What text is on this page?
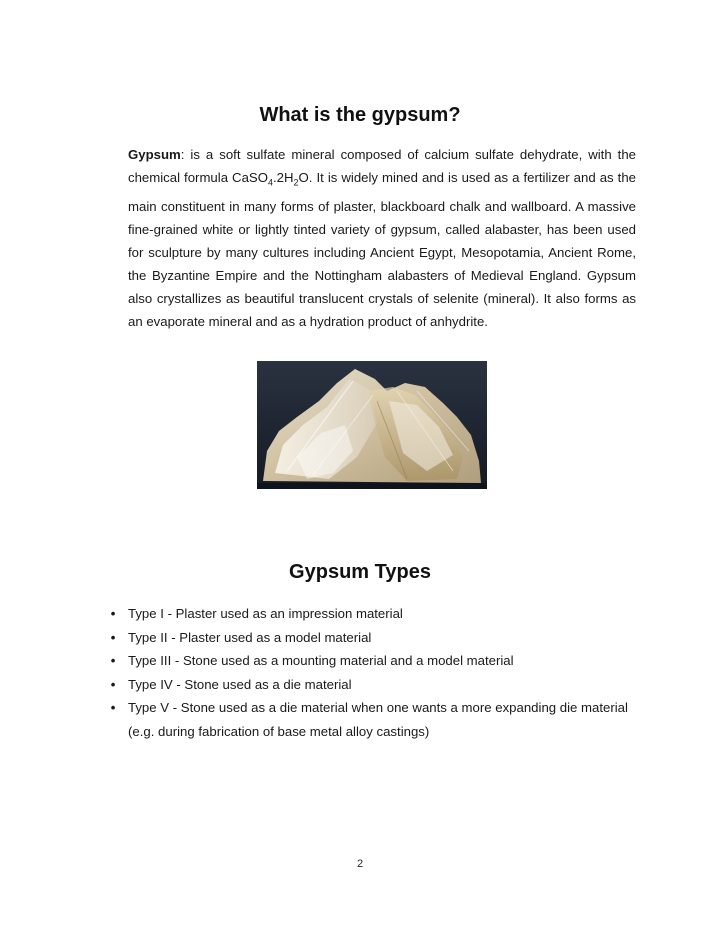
What is the gypsum?

Gypsum: is a soft sulfate mineral composed of calcium sulfate dehydrate, with the chemical formula $CaSO_4.2H_2O$. It is widely mined and is used as a fertilizer and as the main constituent in many forms of plaster, blackboard chalk and wallboard. A massive fine-grained white or lightly tinted variety of gypsum, called alabaster, has been used for sculpture by many cultures including Ancient Egypt, Mesopotamia, Ancient Rome, the Byzantine Empire and the Nottingham alabasters of Medieval England. Gypsum also crystallizes as beautiful translucent crystals of selenite (mineral). It also forms as an evaporate mineral and as a hydration product of anhydrite.

Gypsum Types
• Type I - Plaster used as an impression material
• Type II - Plaster used as a model material
• Type III - Stone used as a mounting material and a model material
• Type IV - Stone used as a die material
• Type V - Stone used as a die material when one wants a more expanding die material (e.g. during fabrication of base metal alloy castings)
2
